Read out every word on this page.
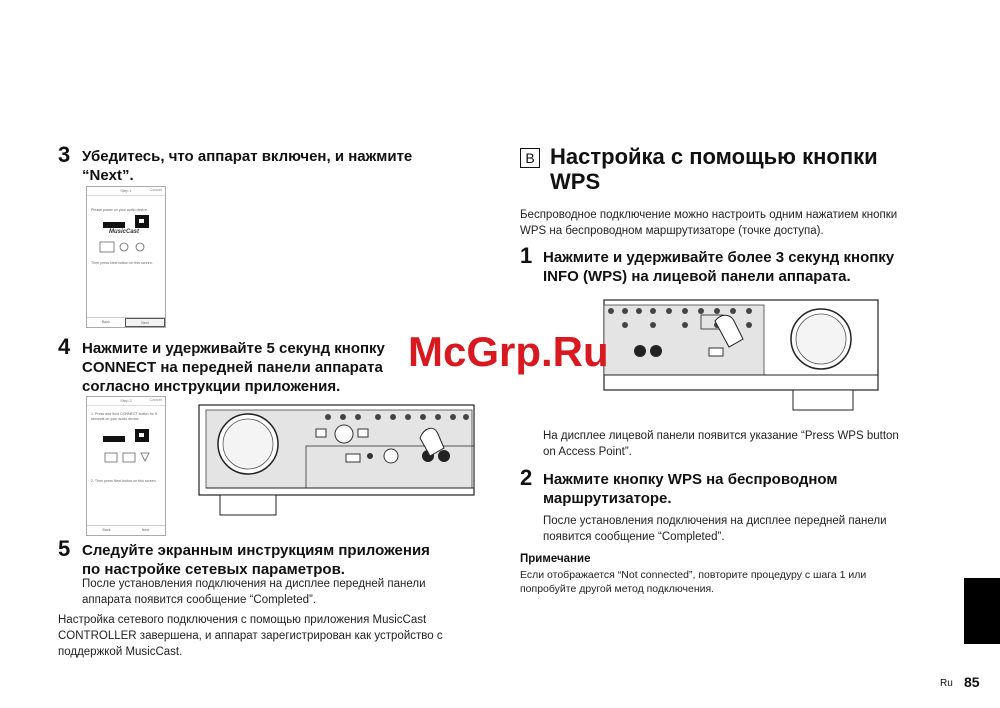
3 Убедитесь, что аппарат включен, и нажмите
“Next”.
Step 1	Cancel
Please power on your audio device.
MusicCast
Then press Next button on this screen.
Back	Next
4 Нажмите и удерживайте 5 секунд кнопку
CONNECT на передней панели аппарата
согласно инструкции приложения.
Step 2	Cancel
1. Press and hold CONNECT button for 5 seconds on your audio device.
2. Then press Next button on this screen.
Back	Next
5 Следуйте экранным инструкциям приложения
по настройке сетевых параметров.
После установления подключения на дисплее передней панели
аппарата появится сообщение “Completed”.
Настройка сетевого подключения с помощью приложения MusicCast
CONTROLLER завершена, и аппарат зарегистрирован как устройство с
поддержкой MusicCast.
B Настройка с помощью кнопки
WPS
Беспроводное подключение можно настроить одним нажатием кнопки
WPS на беспроводном маршрутизаторе (точке доступа).
1 Нажмите и удерживайте более 3 секунд кнопку
INFO (WPS) на лицевой панели аппарата.
На дисплее лицевой панели появится указание “Press WPS button
on Access Point”.
2 Нажмите кнопку WPS на беспроводном
маршрутизаторе.
После установления подключения на дисплее передней панели
появится сообщение “Completed”.
Примечание
Если отображается “Not connected”, повторите процедуру с шага 1 или
попробуйте другой метод подключения.
McGrp.Ru
Ru 85
